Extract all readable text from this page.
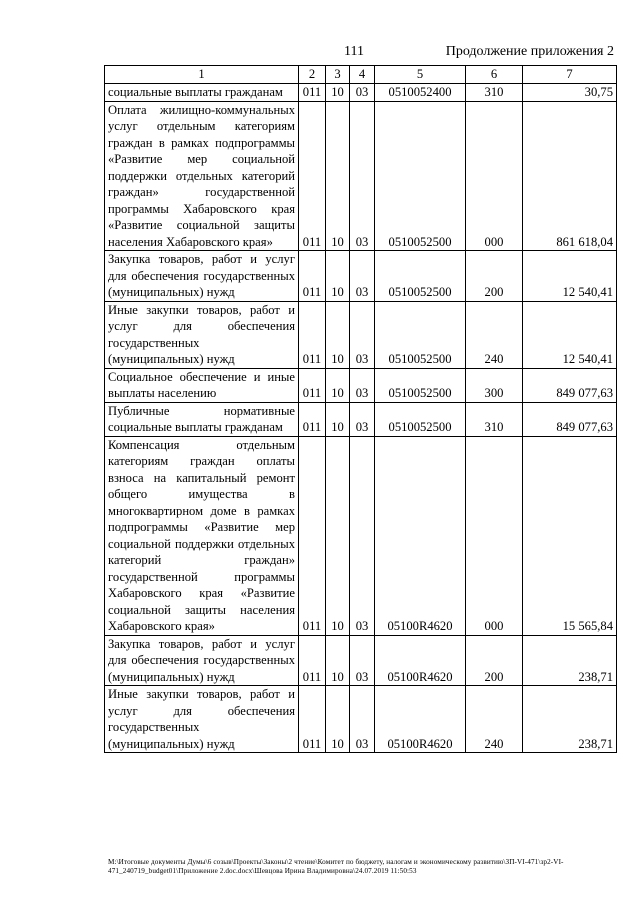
111	Продолжение приложения 2
1	2	3	4	5	6	7
социальные выплаты гражданам	011	10	03	0510052400	310	30,75
Оплата жилищно-коммунальных услуг отдельным категориям граждан в рамках подпрограммы «Развитие мер социальной поддержки отдельных категорий граждан» государственной программы Хабаровского края «Развитие социальной защиты населения Хабаровского края»	011	10	03	0510052500	000	861 618,04
Закупка товаров, работ и услуг для обеспечения государственных (муниципальных) нужд	011	10	03	0510052500	200	12 540,41
Иные закупки товаров, работ и услуг для обеспечения государственных (муниципальных) нужд	011	10	03	0510052500	240	12 540,41
Социальное обеспечение и иные выплаты населению	011	10	03	0510052500	300	849 077,63
Публичные нормативные социальные выплаты гражданам	011	10	03	0510052500	310	849 077,63
Компенсация отдельным категориям граждан оплаты взноса на капитальный ремонт общего имущества в многоквартирном доме в рамках подпрограммы «Развитие мер социальной поддержки отдельных категорий граждан» государственной программы Хабаровского края «Развитие социальной защиты населения Хабаровского края»	011	10	03	05100R4620	000	15 565,84
Закупка товаров, работ и услуг для обеспечения государственных (муниципальных) нужд	011	10	03	05100R4620	200	238,71
Иные закупки товаров, работ и услуг для обеспечения государственных (муниципальных) нужд	011	10	03	05100R4620	240	238,71
M:\Итоговые документы Думы\6 созыв\Проекты\Законы\2 чтение\Комитет по бюджету, налогам и экономическому развитию\ЗП-VI-471\зр2-VI-471_240719_budget01\Приложение 2.doc.docx\Шевцова Ирина Владимировна\24.07.2019 11:50:53
